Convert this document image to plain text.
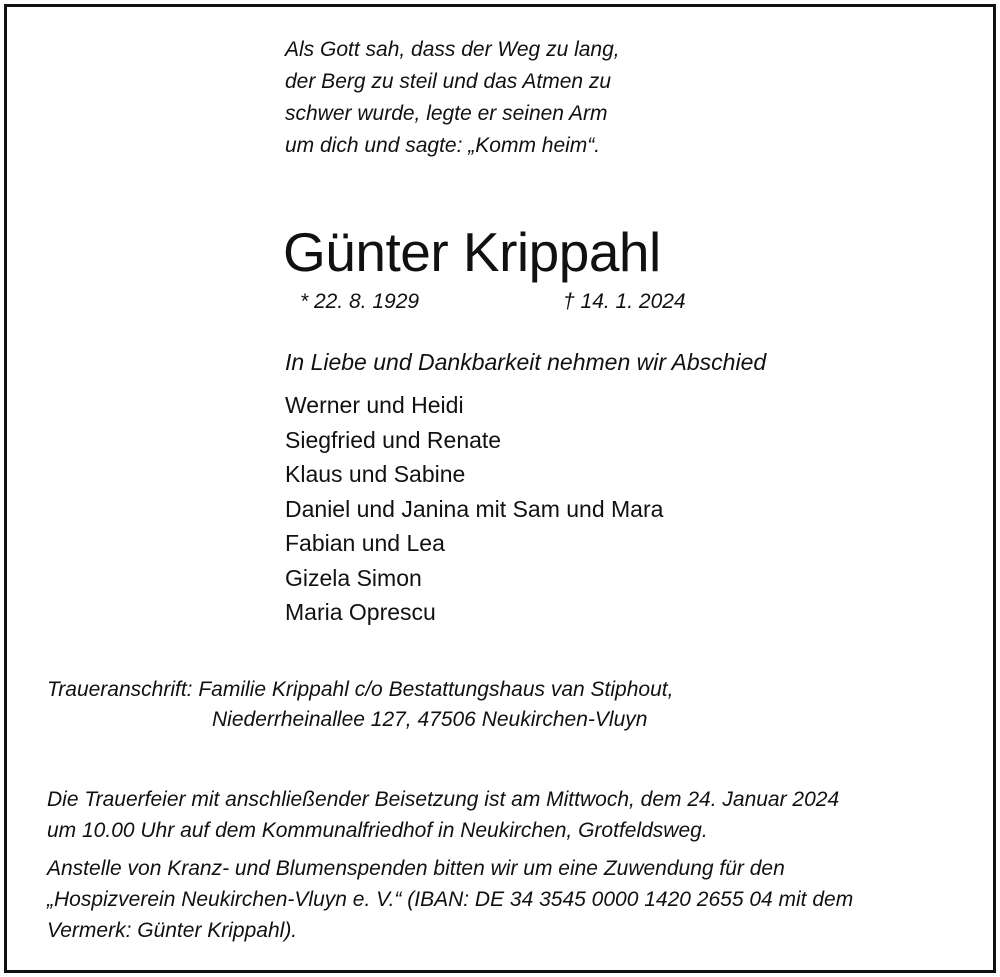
Als Gott sah, dass der Weg zu lang,
der Berg zu steil und das Atmen zu
schwer wurde, legte er seinen Arm
um dich und sagte: „Komm heim“.
Günter Krippahl
* 22. 8. 1929	† 14. 1. 2024
In Liebe und Dankbarkeit nehmen wir Abschied
Werner und Heidi
Siegfried und Renate
Klaus und Sabine
Daniel und Janina mit Sam und Mara
Fabian und Lea
Gizela Simon
Maria Oprescu
Traueranschrift: Familie Krippahl c/o Bestattungshaus van Stiphout,
Niederrheinallee 127, 47506 Neukirchen-Vluyn
Die Trauerfeier mit anschließender Beisetzung ist am Mittwoch, dem 24. Januar 2024
um 10.00 Uhr auf dem Kommunalfriedhof in Neukirchen, Grotfeldsweg.
Anstelle von Kranz- und Blumenspenden bitten wir um eine Zuwendung für den
„Hospizverein Neukirchen-Vluyn e. V.“ (IBAN: DE 34 3545 0000 1420 2655 04 mit dem
Vermerk: Günter Krippahl).
